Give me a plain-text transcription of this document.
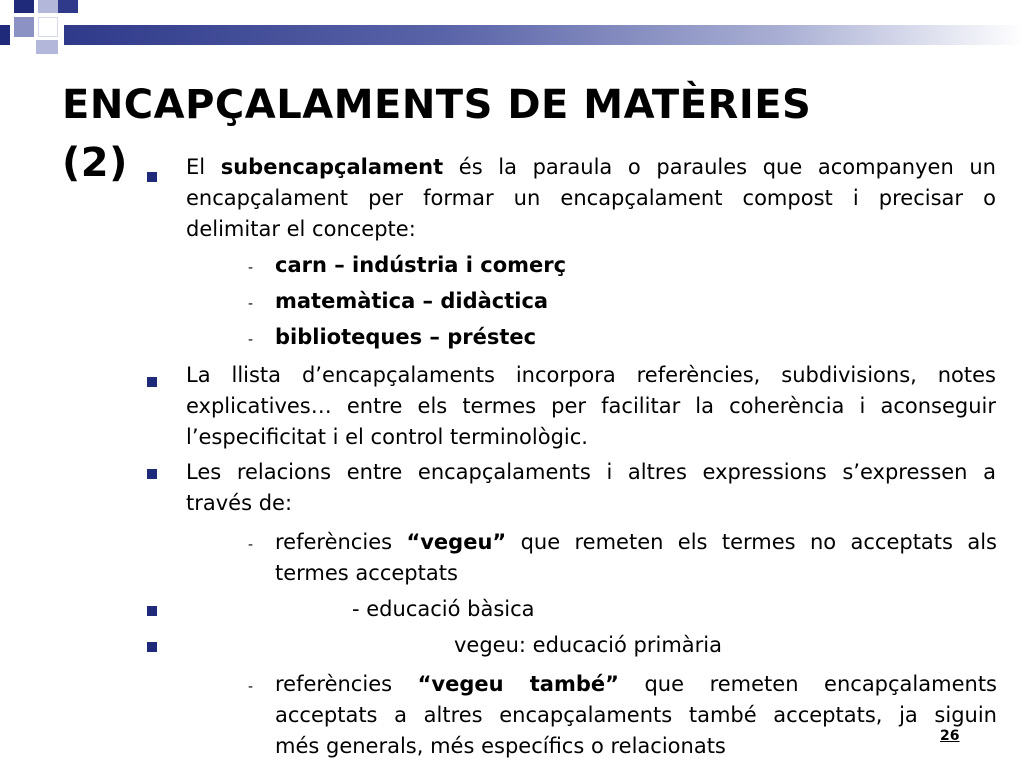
ENCAPÇALAMENTS DE MATÈRIES
(2)	El subencapçalament és la paraula o paraules que acompanyen un
encapçalament per formar un encapçalament compost i precisar o
delimitar el concepte:
- carn – indústria i comerç
- matemàtica – didàctica
- biblioteques – préstec
La llista d’encapçalaments incorpora referències, subdivisions, notes
explicatives… entre els termes per facilitar la coherència i aconseguir
l’especificitat i el control terminològic.
Les relacions entre encapçalaments i altres expressions s’expressen a
través de:
- referències “vegeu” que remeten els termes no acceptats als
termes acceptats
- educació bàsica
vegeu: educació primària
- referències “vegeu també” que remeten encapçalaments
acceptats a altres encapçalaments també acceptats, ja siguin
més generals, més específics o relacionats	26
